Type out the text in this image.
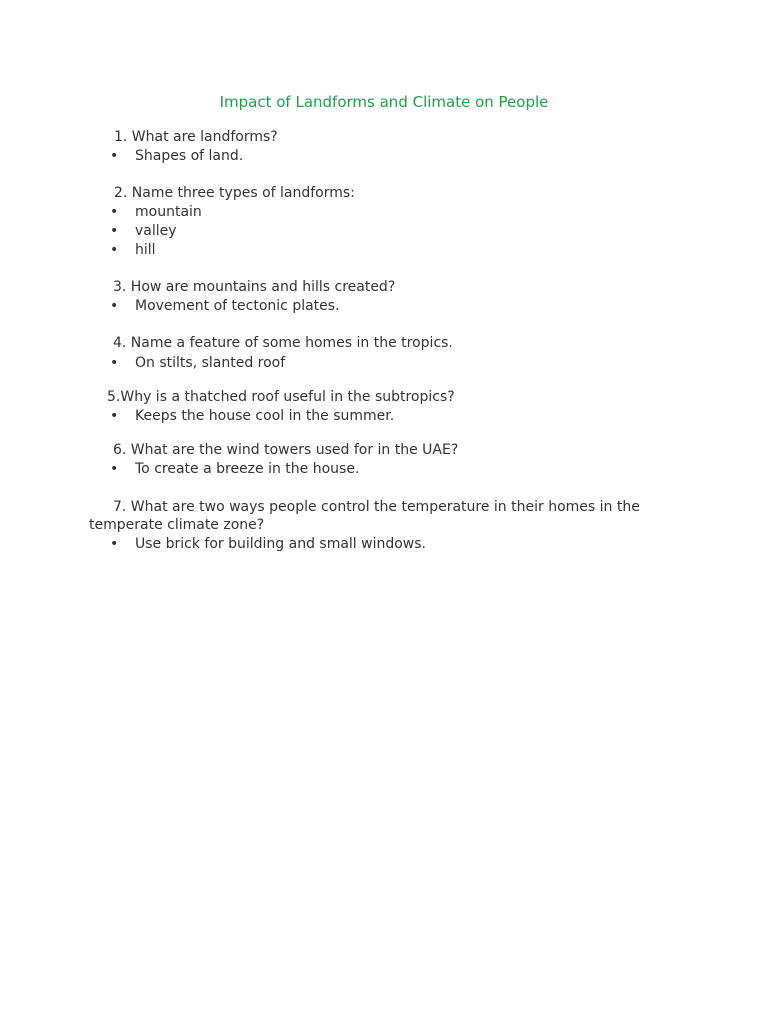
Impact of Landforms and Climate on People
1. What are landforms?
• Shapes of land.
2. Name three types of landforms:
• mountain
• valley
• hill
3. How are mountains and hills created?
• Movement of tectonic plates.
4. Name a feature of some homes in the tropics.
• On stilts, slanted roof
5.Why is a thatched roof useful in the subtropics?
• Keeps the house cool in the summer.
6. What are the wind towers used for in the UAE?
• To create a breeze in the house.
7. What are two ways people control the temperature in their homes in the temperate climate zone?
• Use brick for building and small windows.
